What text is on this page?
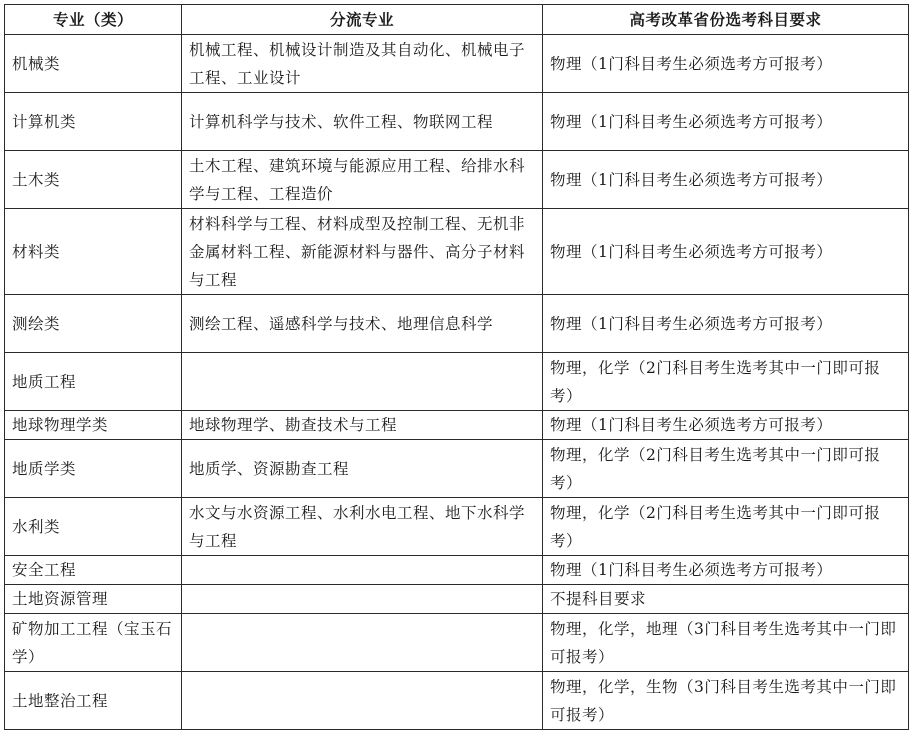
专业（类）	分流专业	高考改革省份选考科目要求
机械类	机械工程、机械设计制造及其自动化、机械电子工程、工业设计	物理（1门科目考生必须选考方可报考）
计算机类	计算机科学与技术、软件工程、物联网工程	物理（1门科目考生必须选考方可报考）
土木类	土木工程、建筑环境与能源应用工程、给排水科学与工程、工程造价	物理（1门科目考生必须选考方可报考）
材料类	材料科学与工程、材料成型及控制工程、无机非金属材料工程、新能源材料与器件、高分子材料与工程	物理（1门科目考生必须选考方可报考）
测绘类	测绘工程、遥感科学与技术、地理信息科学	物理（1门科目考生必须选考方可报考）
地质工程		物理，化学（2门科目考生选考其中一门即可报考）
地球物理学类	地球物理学、勘查技术与工程	物理（1门科目考生必须选考方可报考）
地质学类	地质学、资源勘查工程	物理，化学（2门科目考生选考其中一门即可报考）
水利类	水文与水资源工程、水利水电工程、地下水科学与工程	物理，化学（2门科目考生选考其中一门即可报考）
安全工程		物理（1门科目考生必须选考方可报考）
土地资源管理		不提科目要求
矿物加工工程（宝玉石学）		物理，化学，地理（3门科目考生选考其中一门即可报考）
土地整治工程		物理，化学，生物（3门科目考生选考其中一门即可报考）
